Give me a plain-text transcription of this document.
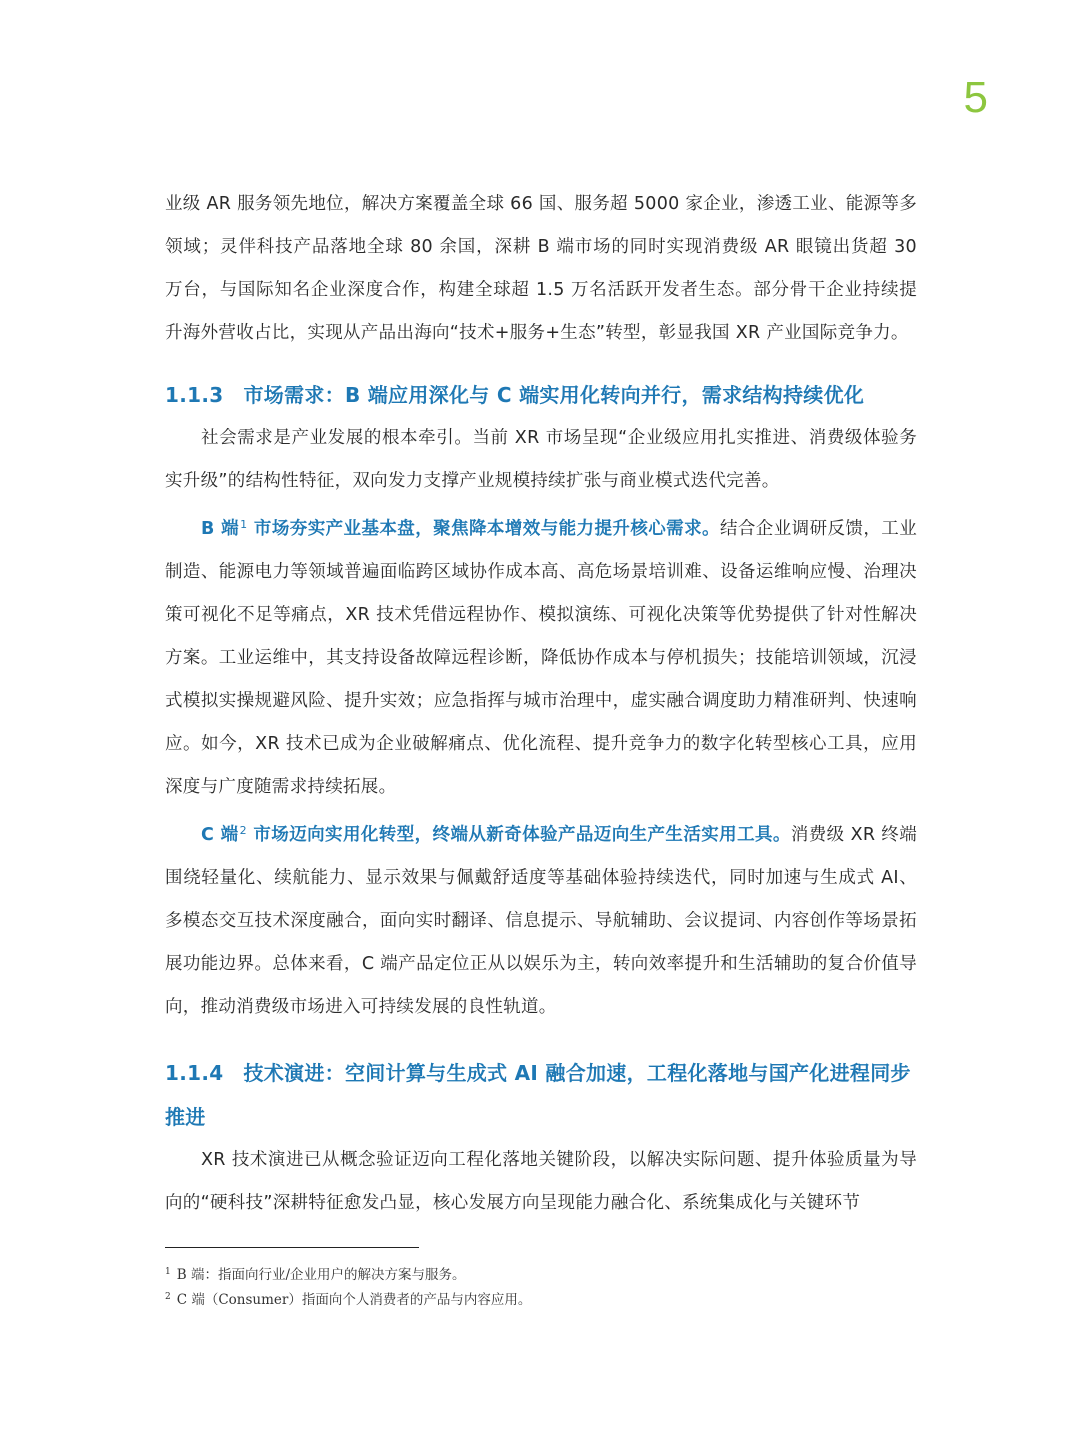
5

业级 AR 服务领先地位，解决方案覆盖全球 66 国、服务超 5000 家企业，渗透工业、能源等多领域；灵伴科技产品落地全球 80 余国，深耕 B 端市场的同时实现消费级 AR 眼镜出货超 30 万台，与国际知名企业深度合作，构建全球超 1.5 万名活跃开发者生态。部分骨干企业持续提升海外营收占比，实现从产品出海向“技术+服务+生态”转型，彰显我国 XR 产业国际竞争力。

1.1.3 市场需求：B 端应用深化与 C 端实用化转向并行，需求结构持续优化

社会需求是产业发展的根本牵引。当前 XR 市场呈现“企业级应用扎实推进、消费级体验务实升级”的结构性特征，双向发力支撑产业规模持续扩张与商业模式迭代完善。

B 端$^1$ 市场夯实产业基本盘，聚焦降本增效与能力提升核心需求。结合企业调研反馈，工业制造、能源电力等领域普遍面临跨区域协作成本高、高危场景培训难、设备运维响应慢、治理决策可视化不足等痛点，XR 技术凭借远程协作、模拟演练、可视化决策等优势提供了针对性解决方案。工业运维中，其支持设备故障远程诊断，降低协作成本与停机损失；技能培训领域，沉浸式模拟实操规避风险、提升实效；应急指挥与城市治理中，虚实融合调度助力精准研判、快速响应。如今，XR 技术已成为企业破解痛点、优化流程、提升竞争力的数字化转型核心工具，应用深度与广度随需求持续拓展。

C 端$^2$ 市场迈向实用化转型，终端从新奇体验产品迈向生产生活实用工具。消费级 XR 终端围绕轻量化、续航能力、显示效果与佩戴舒适度等基础体验持续迭代，同时加速与生成式 AI、多模态交互技术深度融合，面向实时翻译、信息提示、导航辅助、会议提词、内容创作等场景拓展功能边界。总体来看，C 端产品定位正从以娱乐为主，转向效率提升和生活辅助的复合价值导向，推动消费级市场进入可持续发展的良性轨道。

1.1.4 技术演进：空间计算与生成式 AI 融合加速，工程化落地与国产化进程同步推进

XR 技术演进已从概念验证迈向工程化落地关键阶段，以解决实际问题、提升体验质量为导向的“硬科技”深耕特征愈发凸显，核心发展方向呈现能力融合化、系统集成化与关键环节

$^1$ B 端：指面向行业/企业用户的解决方案与服务。
$^2$ C 端（Consumer）指面向个人消费者的产品与内容应用。
